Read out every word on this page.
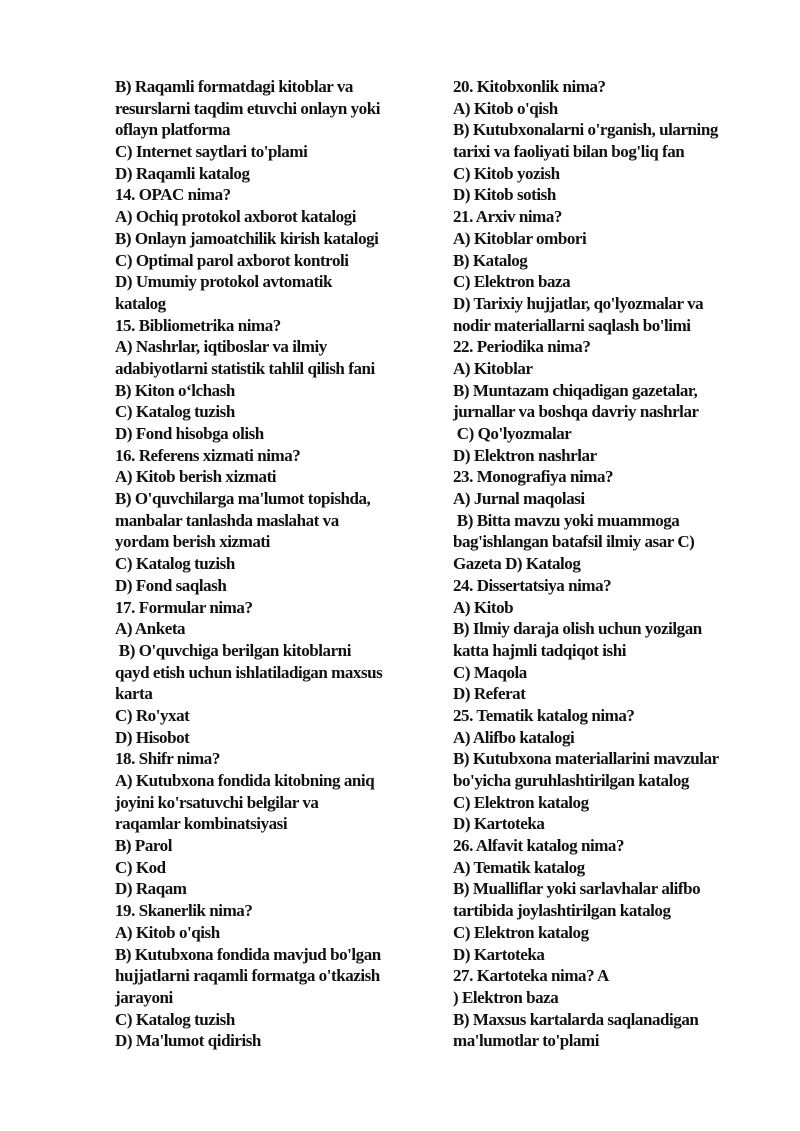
B) Raqamli formatdagi kitoblar va
resurslarni taqdim etuvchi onlayn yoki
oflayn platforma
C) Internet saytlari to'plami
D) Raqamli katalog
14. OPAC nima?
A) Ochiq protokol axborot katalogi
B) Onlayn jamoatchilik kirish katalogi
C) Optimal parol axborot kontroli
D) Umumiy protokol avtomatik
katalog
15. Bibliometrika nima?
A) Nashrlar, iqtiboslar va ilmiy
adabiyotlarni statistik tahlil qilish fani
B) Kiton o‘lchash
C) Katalog tuzish
D) Fond hisobga olish
16. Referens xizmati nima?
A) Kitob berish xizmati
B) O'quvchilarga ma'lumot topishda,
manbalar tanlashda maslahat va
yordam berish xizmati
C) Katalog tuzish
D) Fond saqlash
17. Formular nima?
A) Anketa
B) O'quvchiga berilgan kitoblarni
qayd etish uchun ishlatiladigan maxsus
karta
C) Ro'yxat
D) Hisobot
18. Shifr nima?
A) Kutubxona fondida kitobning aniq
joyini ko'rsatuvchi belgilar va
raqamlar kombinatsiyasi
B) Parol
C) Kod
D) Raqam
19. Skanerlik nima?
A) Kitob o'qish
B) Kutubxona fondida mavjud bo'lgan
hujjatlarni raqamli formatga o'tkazish
jarayoni
C) Katalog tuzish
D) Ma'lumot qidirish
20. Kitobxonlik nima?
A) Kitob o'qish
B) Kutubxonalarni o'rganish, ularning
tarixi va faoliyati bilan bog'liq fan
C) Kitob yozish
D) Kitob sotish
21. Arxiv nima?
A) Kitoblar ombori
B) Katalog
C) Elektron baza
D) Tarixiy hujjatlar, qo'lyozmalar va
nodir materiallarni saqlash bo'limi
22. Periodika nima?
A) Kitoblar
B) Muntazam chiqadigan gazetalar,
jurnallar va boshqa davriy nashrlar
C) Qo'lyozmalar
D) Elektron nashrlar
23. Monografiya nima?
A) Jurnal maqolasi
B) Bitta mavzu yoki muammoga
bag'ishlangan batafsil ilmiy asar C)
Gazeta D) Katalog
24. Dissertatsiya nima?
A) Kitob
B) Ilmiy daraja olish uchun yozilgan
katta hajmli tadqiqot ishi
C) Maqola
D) Referat
25. Tematik katalog nima?
A) Alifbo katalogi
B) Kutubxona materiallarini mavzular
bo'yicha guruhlashtirilgan katalog
C) Elektron katalog
D) Kartoteka
26. Alfavit katalog nima?
A) Tematik katalog
B) Mualliflar yoki sarlavhalar alifbo
tartibida joylashtirilgan katalog
C) Elektron katalog
D) Kartoteka
27. Kartoteka nima? A
) Elektron baza
B) Maxsus kartalarda saqlanadigan
ma'lumotlar to'plami
